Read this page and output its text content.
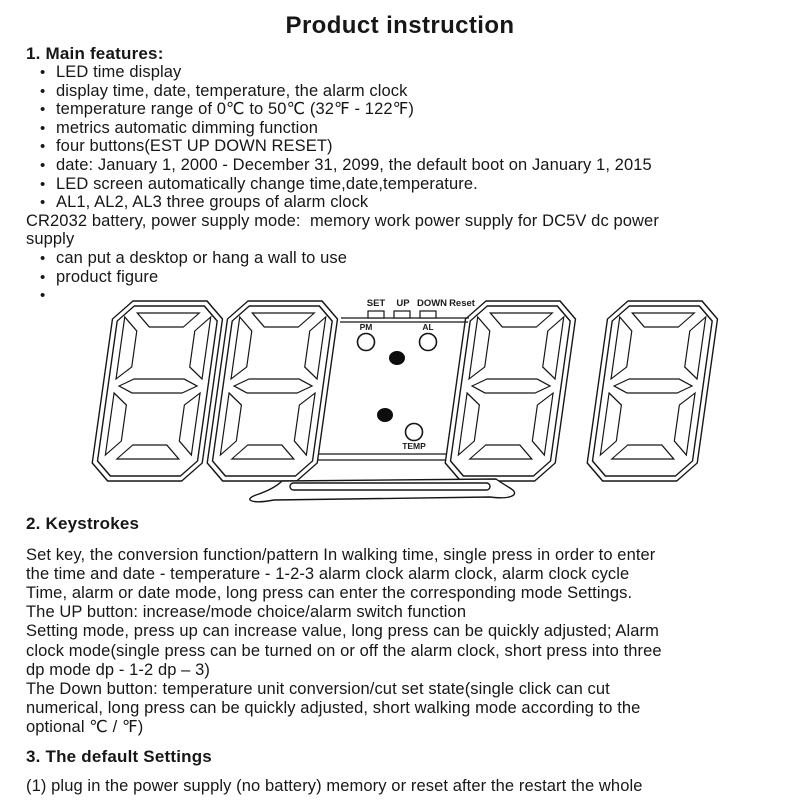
Product instruction
1. Main features:
• LED time display
• display time, date, temperature, the alarm clock
• temperature range of 0℃ to 50℃ (32℉ - 122℉)
• metrics automatic dimming function
• four buttons(EST UP DOWN RESET)
• date: January 1, 2000 - December 31, 2099, the default boot on January 1, 2015
• LED screen automatically change time,date,temperature.
• AL1, AL2, AL3 three groups of alarm clock
CR2032 battery, power supply mode:  memory work power supply for DC5V dc power
supply
• can put a desktop or hang a wall to use
• product figure
•	SET UP DOWN Reset
PM	AL
TEMP
2. Keystrokes
Set key, the conversion function/pattern In walking time, single press in order to enter
the time and date - temperature - 1-2-3 alarm clock alarm clock, alarm clock cycle
Time, alarm or date mode, long press can enter the corresponding mode Settings.
The UP button: increase/mode choice/alarm switch function
Setting mode, press up can increase value, long press can be quickly adjusted; Alarm
clock mode(single press can be turned on or off the alarm clock, short press into three
dp mode dp - 1-2 dp – 3)
The Down button: temperature unit conversion/cut set state(single click can cut
numerical, long press can be quickly adjusted, short walking mode according to the
optional ℃ / ℉)
3. The default Settings
(1) plug in the power supply (no battery) memory or reset after the restart the whole
